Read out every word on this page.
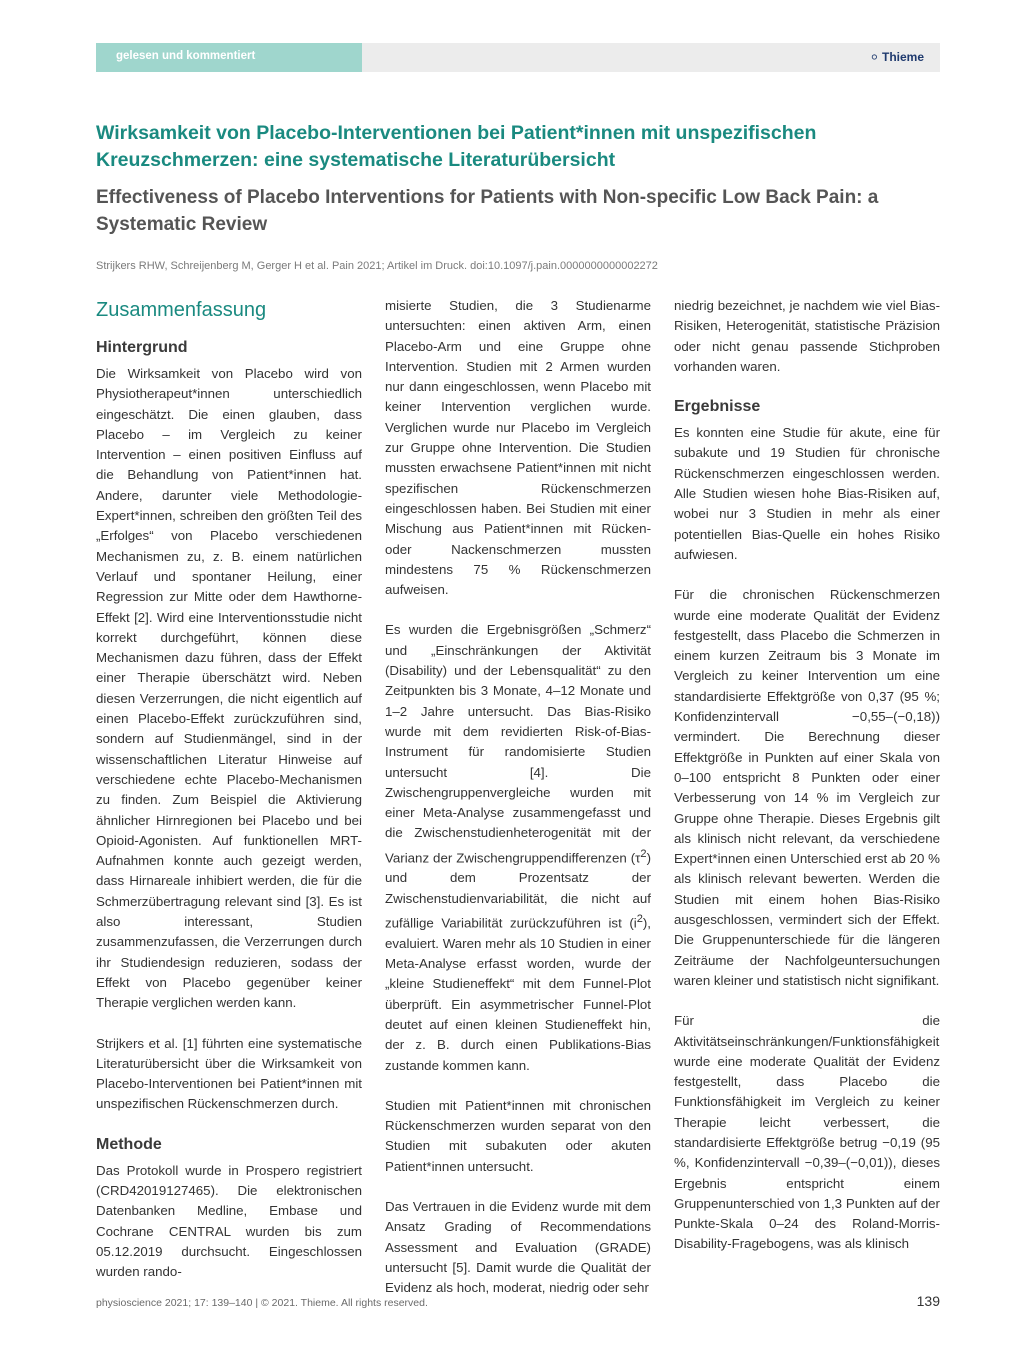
gelesen und kommentiert	⚪ Thieme
Wirksamkeit von Placebo-Interventionen bei Patient*innen mit unspezifischen Kreuzschmerzen: eine systematische Literaturübersicht
Effectiveness of Placebo Interventions for Patients with Non-specific Low Back Pain: a Systematic Review
Strijkers RHW, Schreijenberg M, Gerger H et al. Pain 2021; Artikel im Druck. doi:10.1097/j.pain.0000000000002272
Zusammenfassung
Hintergrund

Die Wirksamkeit von Placebo wird von Physiotherapeut*innen unterschiedlich eingeschätzt. Die einen glauben, dass Placebo – im Vergleich zu keiner Intervention – einen positiven Einfluss auf die Behandlung von Patient*innen hat. Andere, darunter viele Methodologie-Expert*innen, schreiben den größten Teil des „Erfolges“ von Placebo verschiedenen Mechanismen zu, z. B. einem natürlichen Verlauf und spontaner Heilung, einer Regression zur Mitte oder dem Hawthorne-Effekt [2]. Wird eine Interventionsstudie nicht korrekt durchgeführt, können diese Mechanismen dazu führen, dass der Effekt einer Therapie überschätzt wird. Neben diesen Verzerrungen, die nicht eigentlich auf einen Placebo-Effekt zurückzuführen sind, sondern auf Studienmängel, sind in der wissenschaftlichen Literatur Hinweise auf verschiedene echte Placebo-Mechanismen zu finden. Zum Beispiel die Aktivierung ähnlicher Hirnregionen bei Placebo und bei Opioid-Agonisten. Auf funktionellen MRT-Aufnahmen konnte auch gezeigt werden, dass Hirnareale inhibiert werden, die für die Schmerzübertragung relevant sind [3]. Es ist also interessant, Studien zusammenzufassen, die Verzerrungen durch ihr Studiendesign reduzieren, sodass der Effekt von Placebo gegenüber keiner Therapie verglichen werden kann.

Strijkers et al. [1] führten eine systematische Literaturübersicht über die Wirksamkeit von Placebo-Interventionen bei Patient*innen mit unspezifischen Rückenschmerzen durch.

Methode

Das Protokoll wurde in Prospero registriert (CRD42019127465). Die elektronischen Datenbanken Medline, Embase und Cochrane CENTRAL wurden bis zum 05.12.2019 durchsucht. Eingeschlossen wurden rando-

misierte Studien, die 3 Studienarme untersuchten: einen aktiven Arm, einen Placebo-Arm und eine Gruppe ohne Intervention. Studien mit 2 Armen wurden nur dann eingeschlossen, wenn Placebo mit keiner Intervention verglichen wurde. Verglichen wurde nur Placebo im Vergleich zur Gruppe ohne Intervention. Die Studien mussten erwachsene Patient*innen mit nicht spezifischen Rückenschmerzen eingeschlossen haben. Bei Studien mit einer Mischung aus Patient*innen mit Rücken- oder Nackenschmerzen mussten mindestens 75 % Rückenschmerzen aufweisen.

Es wurden die Ergebnisgrößen „Schmerz“ und „Einschränkungen der Aktivität (Disability) und der Lebensqualität“ zu den Zeitpunkten bis 3 Monate, 4–12 Monate und 1–2 Jahre untersucht. Das Bias-Risiko wurde mit dem revidierten Risk-of-Bias-Instrument für randomisierte Studien untersucht [4]. Die Zwischengruppenvergleiche wurden mit einer Meta-Analyse zusammengefasst und die Zwischenstudienheterogenität mit der Varianz der Zwischengruppendifferenzen $(\tau^2)$ und dem Prozentsatz der Zwischenstudienvariabilität, die nicht auf zufällige Variabilität zurückzuführen ist $(i^2)$, evaluiert. Waren mehr als 10 Studien in einer Meta-Analyse erfasst worden, wurde der „kleine Studieneffekt“ mit dem Funnel-Plot überprüft. Ein asymmetrischer Funnel-Plot deutet auf einen kleinen Studieneffekt hin, der z. B. durch einen Publikations-Bias zustande kommen kann.

Studien mit Patient*innen mit chronischen Rückenschmerzen wurden separat von den Studien mit subakuten oder akuten Patient*innen untersucht.

Das Vertrauen in die Evidenz wurde mit dem Ansatz Grading of Recommendations Assessment and Evaluation (GRADE) untersucht [5]. Damit wurde die Qualität der Evidenz als hoch, moderat, niedrig oder sehr

niedrig bezeichnet, je nachdem wie viel Bias-Risiken, Heterogenität, statistische Präzision oder nicht genau passende Stichproben vorhanden waren.

Ergebnisse

Es konnten eine Studie für akute, eine für subakute und 19 Studien für chronische Rückenschmerzen eingeschlossen werden. Alle Studien wiesen hohe Bias-Risiken auf, wobei nur 3 Studien in mehr als einer potentiellen Bias-Quelle ein hohes Risiko aufwiesen.

Für die chronischen Rückenschmerzen wurde eine moderate Qualität der Evidenz festgestellt, dass Placebo die Schmerzen in einem kurzen Zeitraum bis 3 Monate im Vergleich zu keiner Intervention um eine standardisierte Effektgröße von 0,37 (95 %; Konfidenzintervall −0,55–(−0,18)) vermindert. Die Berechnung dieser Effektgröße in Punkten auf einer Skala von 0–100 entspricht 8 Punkten oder einer Verbesserung von 14 % im Vergleich zur Gruppe ohne Therapie. Dieses Ergebnis gilt als klinisch nicht relevant, da verschiedene Expert*innen einen Unterschied erst ab 20 % als klinisch relevant bewerten. Werden die Studien mit einem hohen Bias-Risiko ausgeschlossen, vermindert sich der Effekt. Die Gruppenunterschiede für die längeren Zeiträume der Nachfolgeuntersuchungen waren kleiner und statistisch nicht signifikant.

Für die Aktivitätseinschränkungen/Funktionsfähigkeit wurde eine moderate Qualität der Evidenz festgestellt, dass Placebo die Funktionsfähigkeit im Vergleich zu keiner Therapie leicht verbessert, die standardisierte Effektgröße betrug −0,19 (95 %, Konfidenzintervall −0,39–(−0,01)), dieses Ergebnis entspricht einem Gruppenunterschied von 1,3 Punkten auf der Punkte-Skala 0–24 des Roland-Morris-Disability-Fragebogens, was als klinisch

physioscience 2021; 17: 139–140 | © 2021. Thieme. All rights reserved.	139
